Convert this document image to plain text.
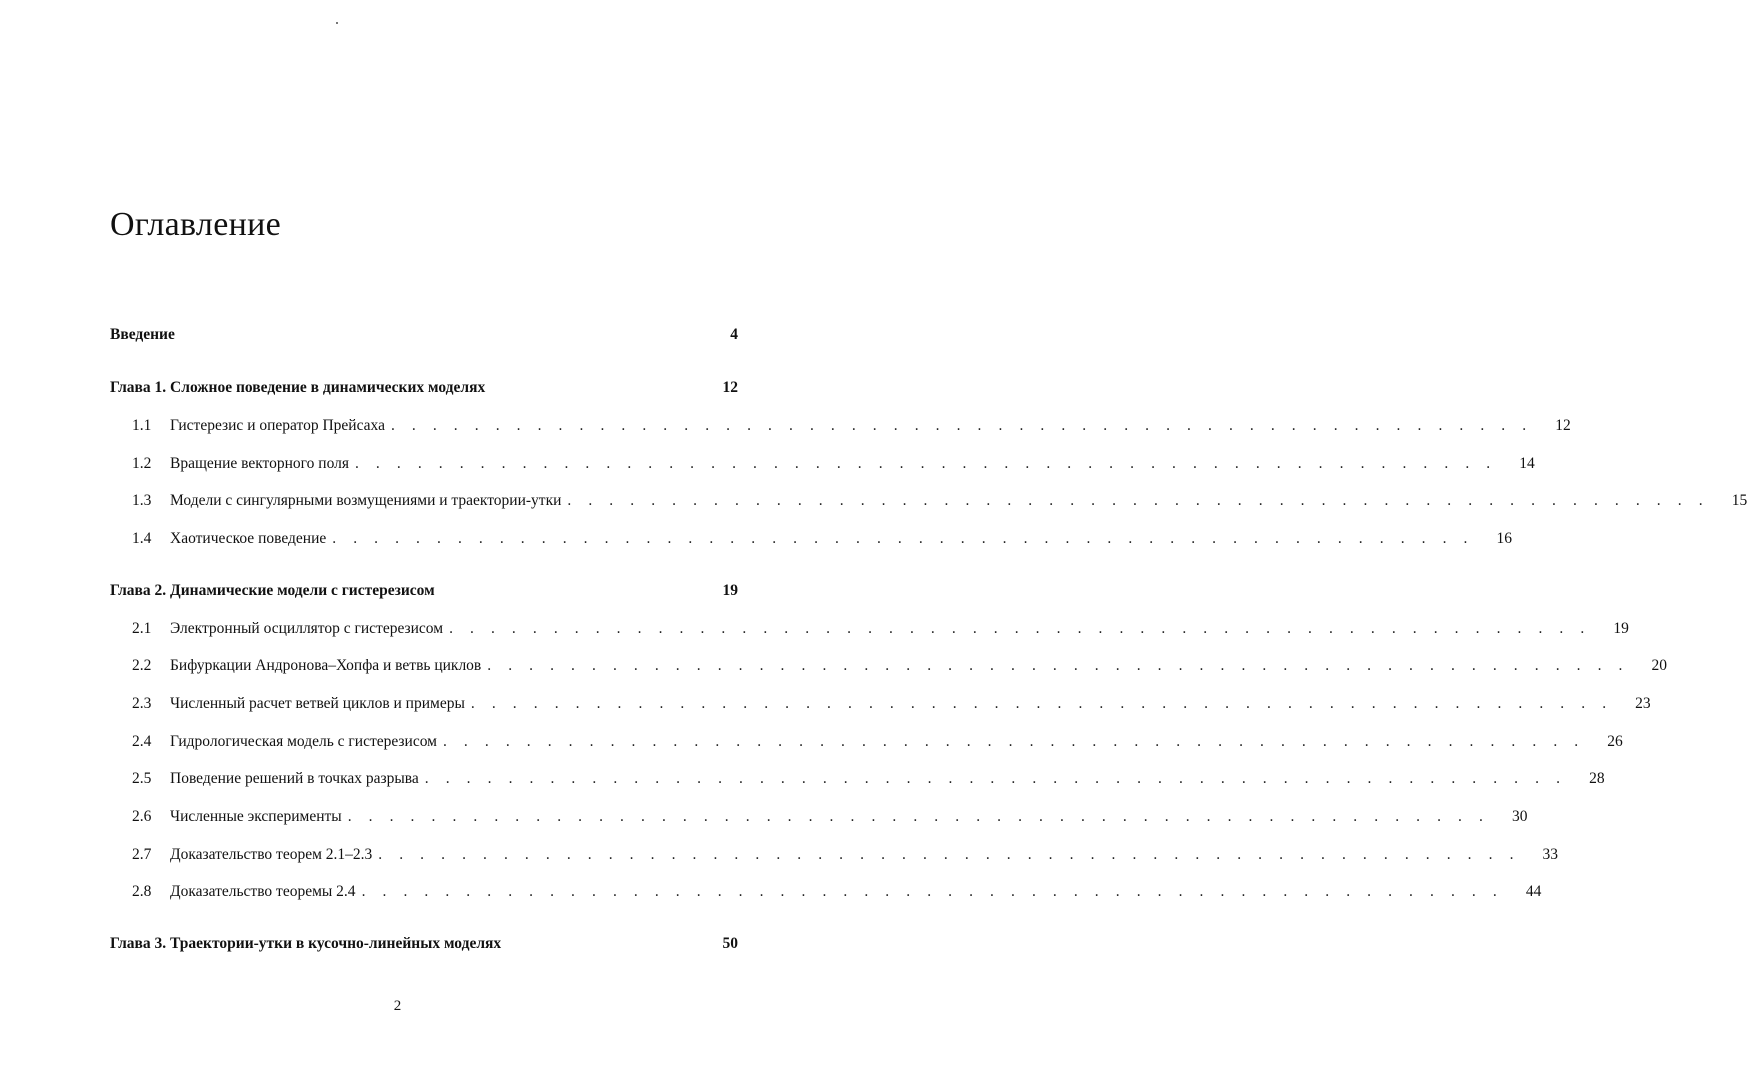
Оглавление
Введение	4
Глава 1. Сложное поведение в динамических моделях	12
1.1	Гистерезис и оператор Прейсаха . . . . . . . . . . . . . . . . . . . . . . . . . . . . . . . . . . . . . . . . . . . . . . . . . . . . . . .	12
1.2	Вращение векторного поля . . . . . . . . . . . . . . . . . . . . . . . . . . . . . . . . . . . . . . . . . . . . . . . . . . . . . . .	14
1.3	Модели с сингулярными возмущениями и траектории-утки . . . . . . . . . . . . . . . . . . . . . . . . . . . . . . . . . . . . . . . . . . . . . . . . . . . . . . .	15
1.4	Хаотическое поведение . . . . . . . . . . . . . . . . . . . . . . . . . . . . . . . . . . . . . . . . . . . . . . . . . . . . . . .	16
Глава 2. Динамические модели с гистерезисом	19
2.1	Электронный осциллятор с гистерезисом . . . . . . . . . . . . . . . . . . . . . . . . . . . . . . . . . . . . . . . . . . . . . . . . . . . . . . .	19
2.2	Бифуркации Андронова–Хопфа и ветвь циклов . . . . . . . . . . . . . . . . . . . . . . . . . . . . . . . . . . . . . . . . . . . . . . . . . . . . . . .	20
2.3	Численный расчет ветвей циклов и примеры . . . . . . . . . . . . . . . . . . . . . . . . . . . . . . . . . . . . . . . . . . . . . . . . . . . . . . .	23
2.4	Гидрологическая модель с гистерезисом . . . . . . . . . . . . . . . . . . . . . . . . . . . . . . . . . . . . . . . . . . . . . . . . . . . . . . .	26
2.5	Поведение решений в точках разрыва . . . . . . . . . . . . . . . . . . . . . . . . . . . . . . . . . . . . . . . . . . . . . . . . . . . . . . .	28
2.6	Численные эксперименты . . . . . . . . . . . . . . . . . . . . . . . . . . . . . . . . . . . . . . . . . . . . . . . . . . . . . . .	30
2.7	Доказательство теорем 2.1–2.3 . . . . . . . . . . . . . . . . . . . . . . . . . . . . . . . . . . . . . . . . . . . . . . . . . . . . . . .	33
2.8	Доказательство теоремы 2.4 . . . . . . . . . . . . . . . . . . . . . . . . . . . . . . . . . . . . . . . . . . . . . . . . . . . . . . .	44
Глава 3. Траектории-утки в кусочно-линейных моделях	50
2
